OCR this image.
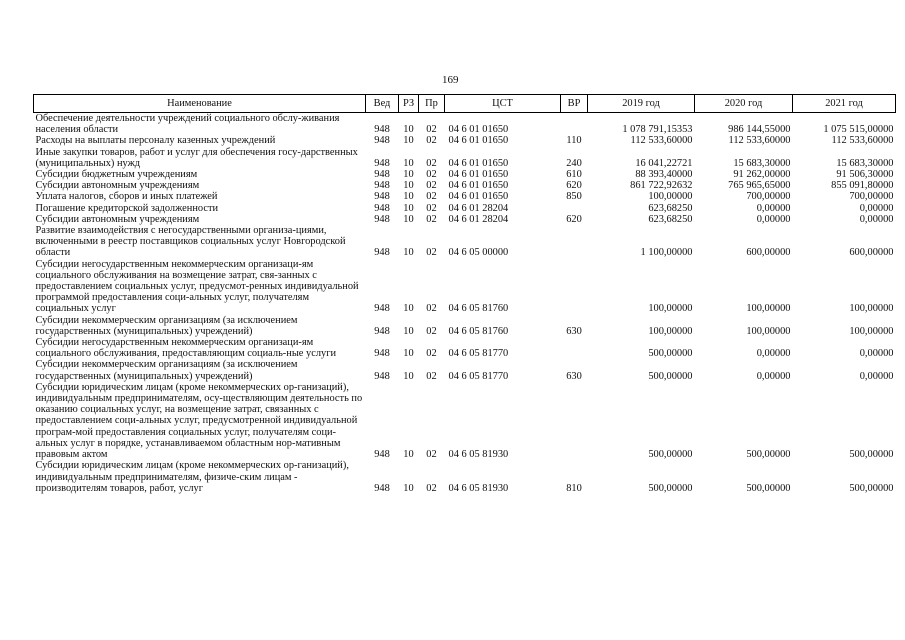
169
Наименование	Вед	РЗ	Пр	ЦСТ	ВР	2019 год	2020 год	2021 год
Обеспечение деятельности учреждений социального обслу-живания населения области	948	10	02	04 6 01 01650		1 078 791,15353	986 144,55000	1 075 515,00000
Расходы на выплаты персоналу казенных учреждений	948	10	02	04 6 01 01650	110	112 533,60000	112 533,60000	112 533,60000
Иные закупки товаров, работ и услуг для обеспечения госу-дарственных (муниципальных) нужд	948	10	02	04 6 01 01650	240	16 041,22721	15 683,30000	15 683,30000
Субсидии бюджетным учреждениям	948	10	02	04 6 01 01650	610	88 393,40000	91 262,00000	91 506,30000
Субсидии автономным учреждениям	948	10	02	04 6 01 01650	620	861 722,92632	765 965,65000	855 091,80000
Уплата налогов, сборов и иных платежей	948	10	02	04 6 01 01650	850	100,00000	700,00000	700,00000
Погашение кредиторской задолженности	948	10	02	04 6 01 28204		623,68250	0,00000	0,00000
Субсидии автономным учреждениям	948	10	02	04 6 01 28204	620	623,68250	0,00000	0,00000
Развитие взаимодействия с негосударственными организа-циями, включенными в реестр поставщиков социальных услуг Новгородской области	948	10	02	04 6 05 00000		1 100,00000	600,00000	600,00000
Субсидии негосударственным некоммерческим организаци-ям социального обслуживания на возмещение затрат, свя-занных с предоставлением социальных услуг, предусмот-ренных индивидуальной программой предоставления соци-альных услуг, получателям социальных услуг	948	10	02	04 6 05 81760		100,00000	100,00000	100,00000
Субсидии некоммерческим организациям (за исключением государственных (муниципальных) учреждений)	948	10	02	04 6 05 81760	630	100,00000	100,00000	100,00000
Субсидии негосударственным некоммерческим организаци-ям социального обслуживания, предоставляющим социаль-ные услуги	948	10	02	04 6 05 81770		500,00000	0,00000	0,00000
Субсидии некоммерческим организациям (за исключением государственных (муниципальных) учреждений)	948	10	02	04 6 05 81770	630	500,00000	0,00000	0,00000
Субсидии юридическим лицам (кроме некоммерческих ор-ганизаций), индивидуальным предпринимателям, осу-ществляющим деятельность по оказанию социальных услуг, на возмещение затрат, связанных с предоставлением соци-альных услуг, предусмотренной индивидуальной програм-мой предоставления социальных услуг, получателям соци-альных услуг в порядке, устанавливаемом областным нор-мативным правовым актом	948	10	02	04 6 05 81930		500,00000	500,00000	500,00000
Субсидии юридическим лицам (кроме некоммерческих ор-ганизаций), индивидуальным предпринимателям, физиче-ским лицам - производителям товаров, работ, услуг	948	10	02	04 6 05 81930	810	500,00000	500,00000	500,00000
